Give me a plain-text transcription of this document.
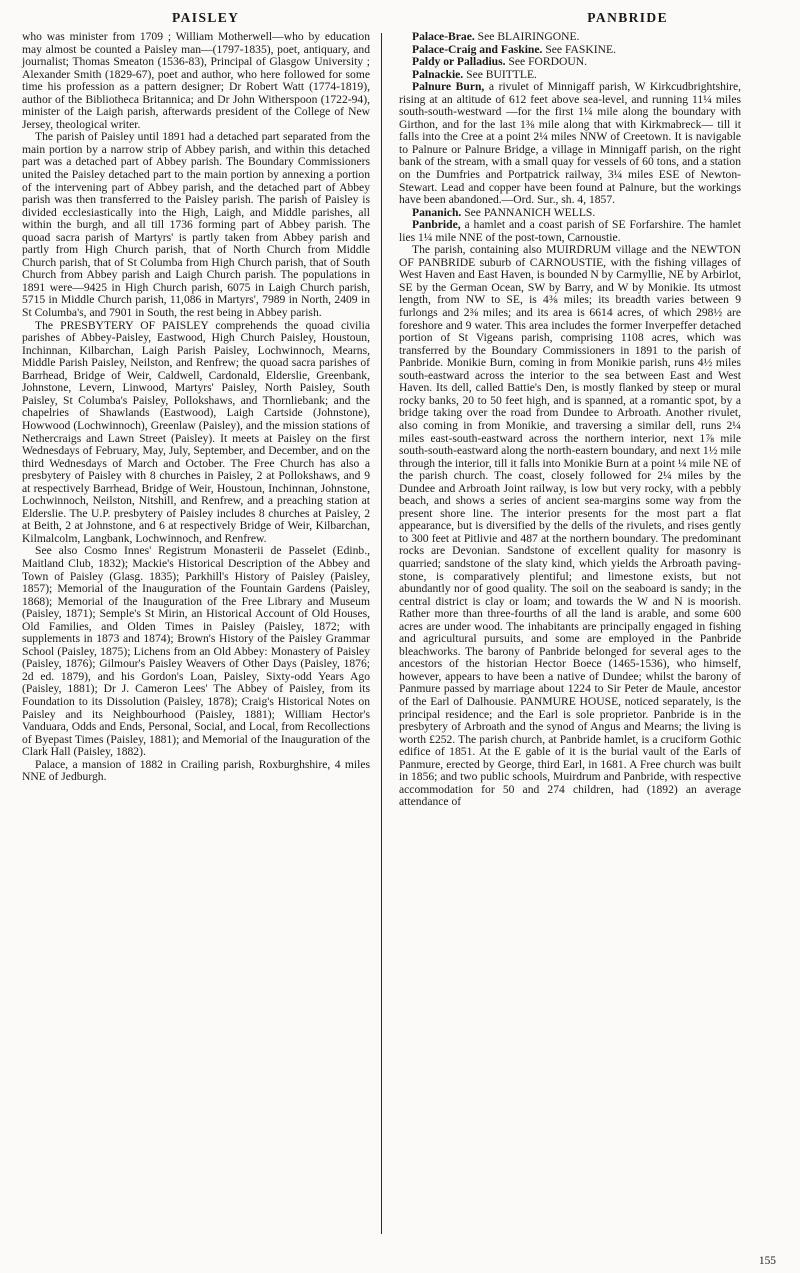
PAISLEY	PANBRIDE

who was minister from 1709 ; William Motherwell—who by education may almost be counted a Paisley man—(1797-1835), poet, antiquary, and journalist; Thomas Smeaton (1536-83), Principal of Glasgow University ; Alexander Smith (1829-67), poet and author, who here followed for some time his profession as a pattern designer; Dr Robert Watt (1774-1819), author of the Bibliotheca Britannica; and Dr John Witherspoon (1722-94), minister of the Laigh parish, afterwards president of the College of New Jersey, theological writer.

The parish of Paisley until 1891 had a detached part separated from the main portion by a narrow strip of Abbey parish, and within this detached part was a detached part of Abbey parish. The Boundary Commissioners united the Paisley detached part to the main portion by annexing a portion of the intervening part of Abbey parish, and the detached part of Abbey parish was then transferred to the Paisley parish. The parish of Paisley is divided ecclesiastically into the High, Laigh, and Middle parishes, all within the burgh, and all till 1736 forming part of Abbey parish. The quoad sacra parish of Martyrs' is partly taken from Abbey parish and partly from High Church parish, that of North Church from Middle Church parish, that of St Columba from High Church parish, that of South Church from Abbey parish and Laigh Church parish. The populations in 1891 were—9425 in High Church parish, 6075 in Laigh Church parish, 5715 in Middle Church parish, 11,086 in Martyrs', 7989 in North, 2409 in St Columba's, and 7901 in South, the rest being in Abbey parish.

The PRESBYTERY OF PAISLEY comprehends the quoad civilia parishes of Abbey-Paisley, Eastwood, High Church Paisley, Houstoun, Inchinnan, Kilbarchan, Laigh Parish Paisley, Lochwinnoch, Mearns, Middle Parish Paisley, Neilston, and Renfrew; the quoad sacra parishes of Barrhead, Bridge of Weir, Caldwell, Cardonald, Elderslie, Greenbank, Johnstone, Levern, Linwood, Martyrs' Paisley, North Paisley, South Paisley, St Columba's Paisley, Pollokshaws, and Thornliebank; and the chapelries of Shawlands (Eastwood), Laigh Cartside (Johnstone), Howwood (Lochwinnoch), Greenlaw (Paisley), and the mission stations of Nethercraigs and Lawn Street (Paisley). It meets at Paisley on the first Wednesdays of February, May, July, September, and December, and on the third Wednesdays of March and October. The Free Church has also a presbytery of Paisley with 8 churches in Paisley, 2 at Pollokshaws, and 9 at respectively Barrhead, Bridge of Weir, Houstoun, Inchinnan, Johnstone, Lochwinnoch, Neilston, Nitshill, and Renfrew, and a preaching station at Elderslie. The U.P. presbytery of Paisley includes 8 churches at Paisley, 2 at Beith, 2 at Johnstone, and 6 at respectively Bridge of Weir, Kilbarchan, Kilmalcolm, Langbank, Lochwinnoch, and Renfrew.

See also Cosmo Innes' Registrum Monasterii de Passelet (Edinb., Maitland Club, 1832); Mackie's Historical Description of the Abbey and Town of Paisley (Glasg. 1835); Parkhill's History of Paisley (Paisley, 1857); Memorial of the Inauguration of the Fountain Gardens (Paisley, 1868); Memorial of the Inauguration of the Free Library and Museum (Paisley, 1871); Semple's St Mirin, an Historical Account of Old Houses, Old Families, and Olden Times in Paisley (Paisley, 1872; with supplements in 1873 and 1874); Brown's History of the Paisley Grammar School (Paisley, 1875); Lichens from an Old Abbey: Monastery of Paisley (Paisley, 1876); Gilmour's Paisley Weavers of Other Days (Paisley, 1876; 2d ed. 1879), and his Gordon's Loan, Paisley, Sixty-odd Years Ago (Paisley, 1881); Dr J. Cameron Lees' The Abbey of Paisley, from its Foundation to its Dissolution (Paisley, 1878); Craig's Historical Notes on Paisley and its Neighbourhood (Paisley, 1881); William Hector's Vanduara, Odds and Ends, Personal, Social, and Local, from Recollections of Byepast Times (Paisley, 1881); and Memorial of the Inauguration of the Clark Hall (Paisley, 1882).

Palace, a mansion of 1882 in Crailing parish, Roxburghshire, 4 miles NNE of Jedburgh.

Palace-Brae. See BLAIRINGONE.

Palace-Craig and Faskine. See FASKINE.

Paldy or Palladius. See FORDOUN.

Palnackie. See BUITTLE.

Palnure Burn, a rivulet of Minnigaff parish, W Kirkcudbrightshire, rising at an altitude of 612 feet above sea-level, and running 11¼ miles south-south-westward —for the first 1¼ mile along the boundary with Girthon, and for the last 1⅜ mile along that with Kirkmabreck— till it falls into the Cree at a point 2¼ miles NNW of Creetown. It is navigable to Palnure or Palnure Bridge, a village in Minnigaff parish, on the right bank of the stream, with a small quay for vessels of 60 tons, and a station on the Dumfries and Portpatrick railway, 3¼ miles ESE of Newton-Stewart. Lead and copper have been found at Palnure, but the workings have been abandoned.—Ord. Sur., sh. 4, 1857.

Pananich. See PANNANICH WELLS.

Panbride, a hamlet and a coast parish of SE Forfarshire. The hamlet lies 1¼ mile NNE of the post-town, Carnoustie.

The parish, containing also MUIRDRUM village and the NEWTON OF PANBRIDE suburb of CARNOUSTIE, with the fishing villages of West Haven and East Haven, is bounded N by Carmyllie, NE by Arbirlot, SE by the German Ocean, SW by Barry, and W by Monikie. Its utmost length, from NW to SE, is 4⅜ miles; its breadth varies between 9 furlongs and 2⅜ miles; and its area is 6614 acres, of which 298½ are foreshore and 9 water. This area includes the former Inverpeffer detached portion of St Vigeans parish, comprising 1108 acres, which was transferred by the Boundary Commissioners in 1891 to the parish of Panbride. Monikie Burn, coming in from Monikie parish, runs 4½ miles south-eastward across the interior to the sea between East and West Haven. Its dell, called Battie's Den, is mostly flanked by steep or mural rocky banks, 20 to 50 feet high, and is spanned, at a romantic spot, by a bridge taking over the road from Dundee to Arbroath. Another rivulet, also coming in from Monikie, and traversing a similar dell, runs 2¼ miles east-south-eastward across the northern interior, next 1⅞ mile south-south-eastward along the north-eastern boundary, and next 1½ mile through the interior, till it falls into Monikie Burn at a point ¼ mile NE of the parish church. The coast, closely followed for 2¼ miles by the Dundee and Arbroath Joint railway, is low but very rocky, with a pebbly beach, and shows a series of ancient sea-margins some way from the present shore line. The interior presents for the most part a flat appearance, but is diversified by the dells of the rivulets, and rises gently to 300 feet at Pitlivie and 487 at the northern boundary. The predominant rocks are Devonian. Sandstone of excellent quality for masonry is quarried; sandstone of the slaty kind, which yields the Arbroath paving-stone, is comparatively plentiful; and limestone exists, but not abundantly nor of good quality. The soil on the seaboard is sandy; in the central district is clay or loam; and towards the W and N is moorish. Rather more than three-fourths of all the land is arable, and some 600 acres are under wood. The inhabitants are principally engaged in fishing and agricultural pursuits, and some are employed in the Panbride bleachworks. The barony of Panbride belonged for several ages to the ancestors of the historian Hector Boece (1465-1536), who himself, however, appears to have been a native of Dundee; whilst the barony of Panmure passed by marriage about 1224 to Sir Peter de Maule, ancestor of the Earl of Dalhousie. PANMURE HOUSE, noticed separately, is the principal residence; and the Earl is sole proprietor. Panbride is in the presbytery of Arbroath and the synod of Angus and Mearns; the living is worth £252. The parish church, at Panbride hamlet, is a cruciform Gothic edifice of 1851. At the E gable of it is the burial vault of the Earls of Panmure, erected by George, third Earl, in 1681. A Free church was built in 1856; and two public schools, Muirdrum and Panbride, with respective accommodation for 50 and 274 children, had (1892) an average attendance of

155
